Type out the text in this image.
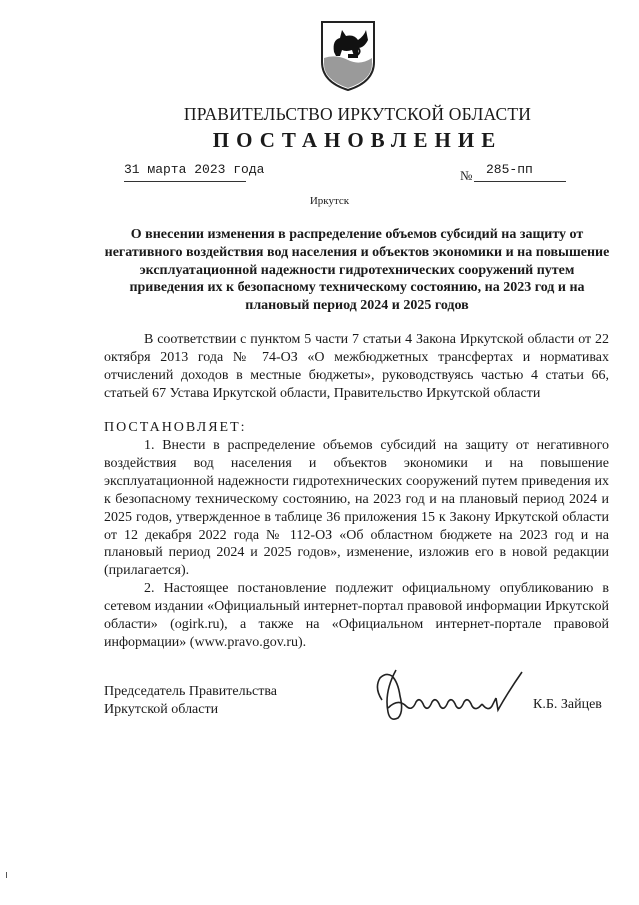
ПРАВИТЕЛЬСТВО ИРКУТСКОЙ ОБЛАСТИ
ПОСТАНОВЛЕНИЕ
31 марта 2023 года	№ 285-пп
Иркутск
О внесении изменения в распределение объемов субсидий на защиту от негативного воздействия вод населения и объектов экономики и на повышение эксплуатационной надежности гидротехнических сооружений путем приведения их к безопасному техническому состоянию, на 2023 год и на плановый период 2024 и 2025 годов
В соответствии с пунктом 5 части 7 статьи 4 Закона Иркутской области от 22 октября 2013 года № 74-ОЗ «О межбюджетных трансфертах и нормативах отчислений доходов в местные бюджеты», руководствуясь частью 4 статьи 66, статьей 67 Устава Иркутской области, Правительство Иркутской области
ПОСТАНОВЛЯЕТ:
1. Внести в распределение объемов субсидий на защиту от негативного воздействия вод населения и объектов экономики и на повышение эксплуатационной надежности гидротехнических сооружений путем приведения их к безопасному техническому состоянию, на 2023 год и на плановый период 2024 и 2025 годов, утвержденное в таблице 36 приложения 15 к Закону Иркутской области от 12 декабря 2022 года № 112-ОЗ «Об областном бюджете на 2023 год и на плановый период 2024 и 2025 годов», изменение, изложив его в новой редакции (прилагается).
2. Настоящее постановление подлежит официальному опубликованию в сетевом издании «Официальный интернет-портал правовой информации Иркутской области» (ogirk.ru), а также на «Официальном интернет-портале правовой информации» (www.pravo.gov.ru).
Председатель Правительства
Иркутской области	К.Б. Зайцев
